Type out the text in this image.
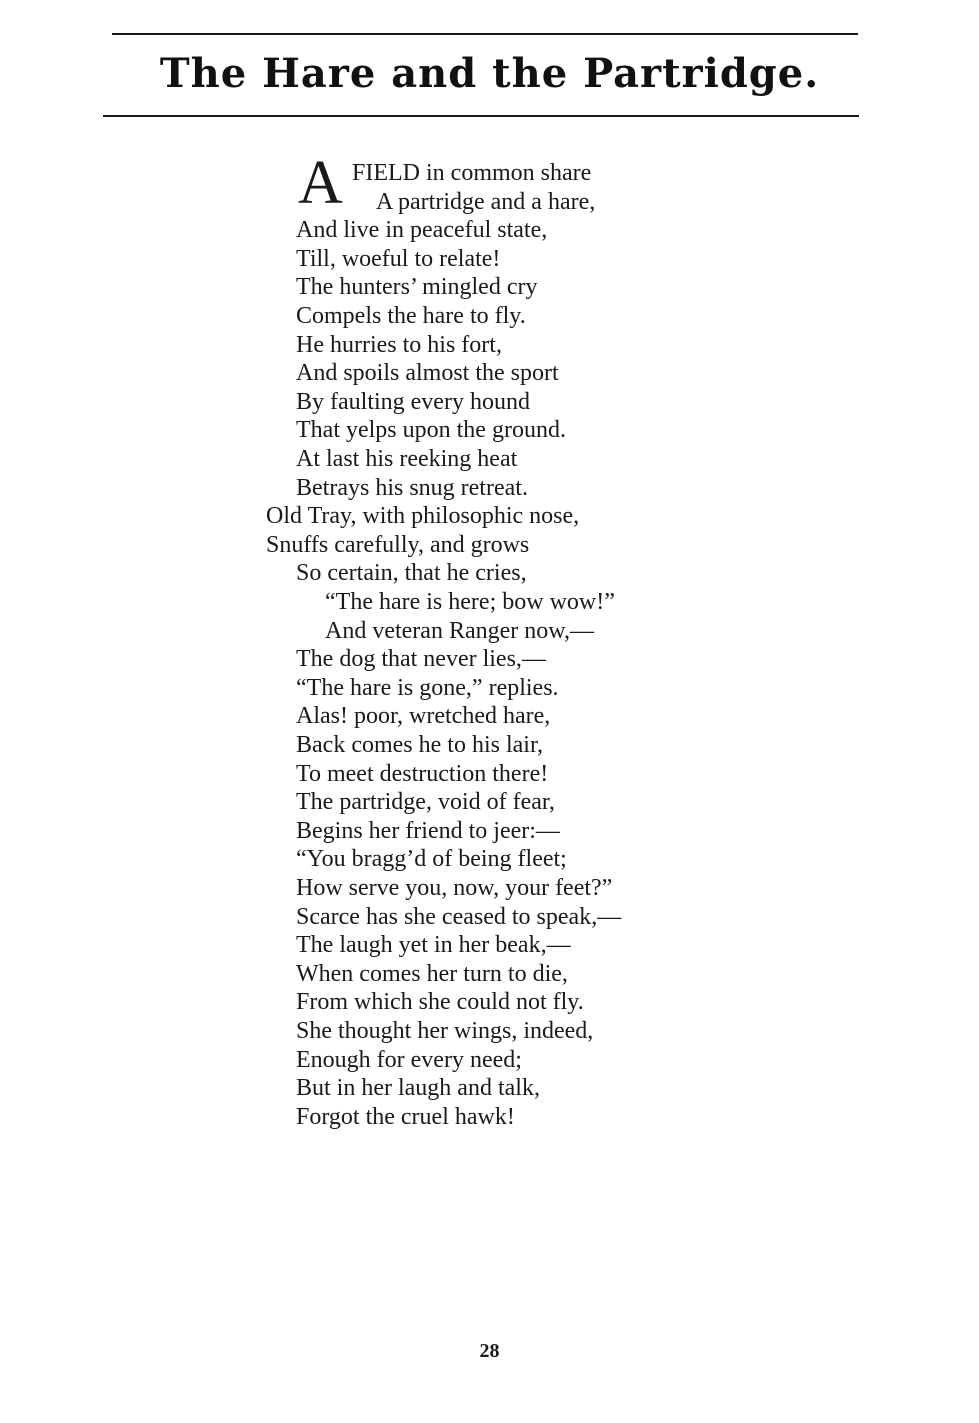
The Hare and the Partridge.
A FIELD in common share
A partridge and a hare,
And live in peaceful state,
Till, woeful to relate!
The hunters’ mingled cry
Compels the hare to fly.
He hurries to his fort,
And spoils almost the sport
By faulting every hound
That yelps upon the ground.
At last his reeking heat
Betrays his snug retreat.
Old Tray, with philosophic nose,
Snuffs carefully, and grows
So certain, that he cries,
“The hare is here; bow wow!”
And veteran Ranger now,—
The dog that never lies,—
“The hare is gone,” replies.
Alas! poor, wretched hare,
Back comes he to his lair,
To meet destruction there!
The partridge, void of fear,
Begins her friend to jeer:—
“You bragg’d of being fleet;
How serve you, now, your feet?”
Scarce has she ceased to speak,—
The laugh yet in her beak,—
When comes her turn to die,
From which she could not fly.
She thought her wings, indeed,
Enough for every need;
But in her laugh and talk,
Forgot the cruel hawk!
28
